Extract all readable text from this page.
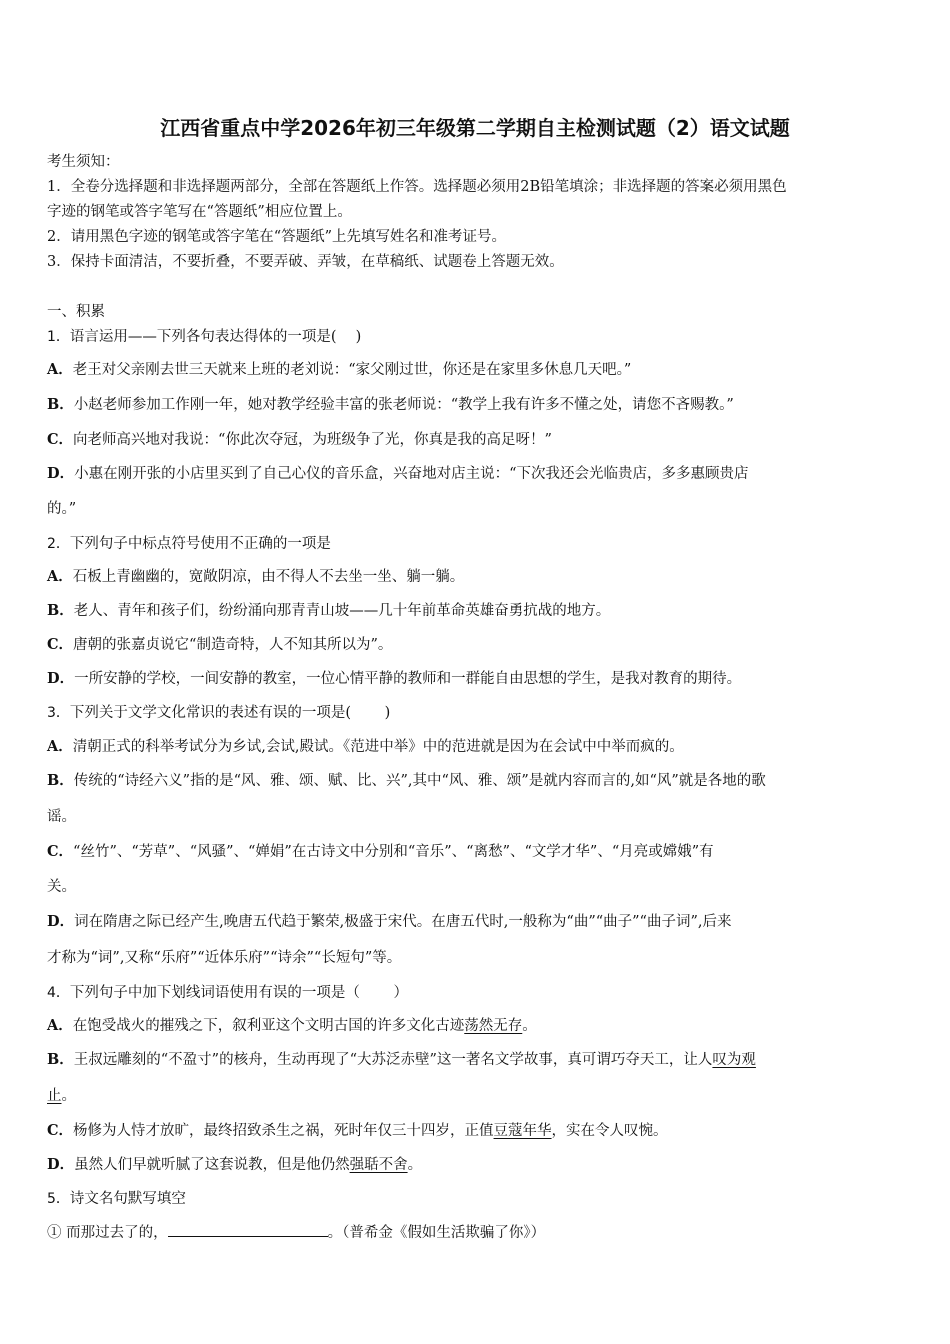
江西省重点中学2026年初三年级第二学期自主检测试题（2）语文试题
考生须知：
1．全卷分选择题和非选择题两部分，全部在答题纸上作答。选择题必须用2B铅笔填涂；非选择题的答案必须用黑色
字迹的钢笔或答字笔写在“答题纸”相应位置上。
2．请用黑色字迹的钢笔或答字笔在“答题纸”上先填写姓名和准考证号。
3．保持卡面清洁，不要折叠，不要弄破、弄皱，在草稿纸、试题卷上答题无效。
一、积累
1．语言运用——下列各句表达得体的一项是(　 )
A．老王对父亲刚去世三天就来上班的老刘说：“家父刚过世，你还是在家里多休息几天吧。”
B．小赵老师参加工作刚一年，她对教学经验丰富的张老师说：“教学上我有许多不懂之处，请您不吝赐教。”
C．向老师高兴地对我说：“你此次夺冠，为班级争了光，你真是我的高足呀！”
D．小惠在刚开张的小店里买到了自己心仪的音乐盒，兴奋地对店主说：“下次我还会光临贵店，多多惠顾贵店
的。”
2．下列句子中标点符号使用不正确的一项是
A．石板上青幽幽的，宽敞阴凉，由不得人不去坐一坐、躺一躺。
B．老人、青年和孩子们，纷纷涌向那青青山坡——几十年前革命英雄奋勇抗战的地方。
C．唐朝的张嘉贞说它“制造奇特，人不知其所以为”。
D．一所安静的学校，一间安静的教室，一位心情平静的教师和一群能自由思想的学生，是我对教育的期待。
3．下列关于文学文化常识的表述有误的一项是(　　 )
A．清朝正式的科举考试分为乡试,会试,殿试。《范进中举》中的范进就是因为在会试中中举而疯的。
B．传统的“诗经六义”指的是“风、雅、颂、赋、比、兴”,其中“风、雅、颂”是就内容而言的,如“风”就是各地的歌
谣。
C．“丝竹”、“芳草”、“风骚”、“婵娟”在古诗文中分别和“音乐”、“离愁”、“文学才华”、“月亮或嫦娥”有
关。
D．词在隋唐之际已经产生,晚唐五代趋于繁荣,极盛于宋代。在唐五代时,一般称为“曲”“曲子”“曲子词”,后来
才称为“词”,又称“乐府”“近体乐府”“诗余”“长短句”等。
4．下列句子中加下划线词语使用有误的一项是（　　 ）
A．在饱受战火的摧残之下，叙利亚这个文明古国的许多文化古迹荡然无存。
B．王叔远雕刻的“不盈寸”的核舟，生动再现了“大苏泛赤壁”这一著名文学故事，真可谓巧夺天工，让人叹为观
止。
C．杨修为人恃才放旷，最终招致杀生之祸，死时年仅三十四岁，正值豆蔻年华，实在令人叹惋。
D．虽然人们早就听腻了这套说教，但是他仍然强聒不舍。
5．诗文名句默写填空
① 而那过去了的，	。（普希金《假如生活欺骗了你》）
